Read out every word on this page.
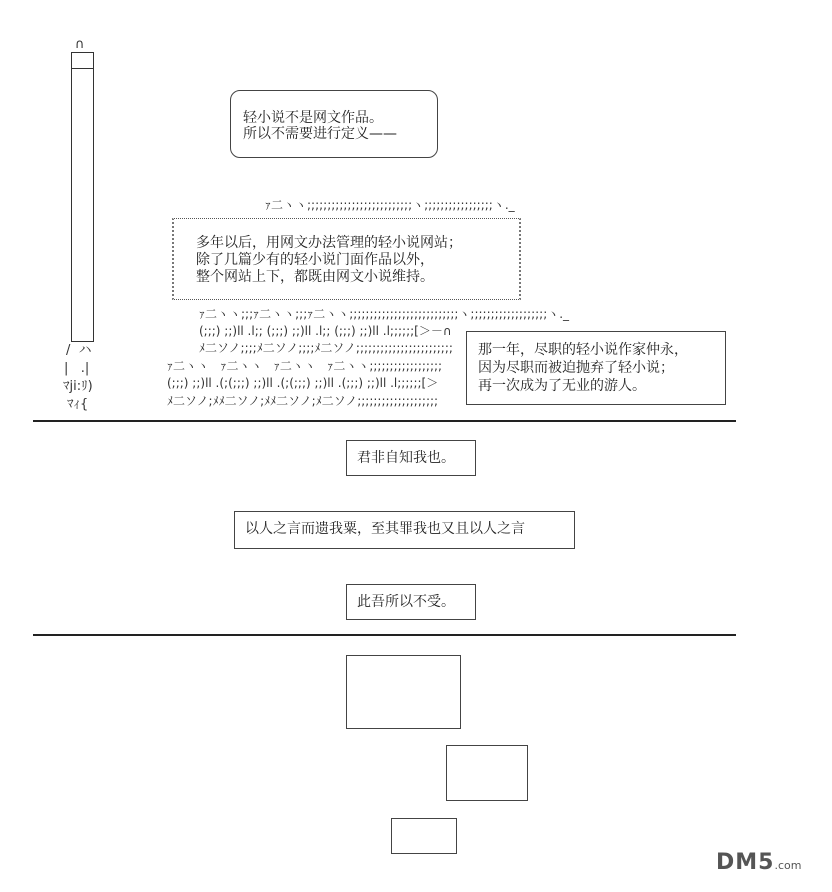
∩
/  ハ
|   .|
ﾏji:ﾘ)
ﾏｨ{
轻小说不是网文作品。
所以不需要进行定义——
ｧ二ヽヽ;;;;;;;;;;;;;;;;;;;;;;;;;;ヽ;;;;;;;;;;;;;;;;;ヽ._
多年以后，用网文办法管理的轻小说网站；
除了几篇少有的轻小说门面作品以外，
整个网站上下，都既由网文小说维持。
ｧ二ヽヽ;;;ｧ二ヽヽ;;;ｧ二ヽヽ;;;;;;;;;;;;;;;;;;;;;;;;;;;ヽ;;;;;;;;;;;;;;;;;;;ヽ._
(;;;) ;;)ll .l;; (;;;) ;;)ll .l;; (;;;) ;;)ll .l;;;;;;[＞－∩
ﾒ二ソノ;;;;ﾒ二ソノ;;;;ﾒ二ソノ;;;;;;;;;;;;;;;;;;;;;;;;
ｧ二ヽヽ   ｧ二ヽヽ   ｧ二ヽヽ   ｧ二ヽヽ;;;;;;;;;;;;;;;;;;
(;;;) ;;)ll .(;(;;;) ;;)ll .(;(;;;) ;;)ll .(;;;) ;;)ll .l;;;;;;[＞
ﾒ二ソノ;ﾒﾒ二ソノ;ﾒﾒ二ソノ;ﾒ二ソノ;;;;;;;;;;;;;;;;;;;;
那一年，尽职的轻小说作家仲永，
因为尽职而被迫抛弃了轻小说；
再一次成为了无业的游人。
君非自知我也。
以人之言而遗我粟，至其罪我也又且以人之言
此吾所以不受。
DM5.com
